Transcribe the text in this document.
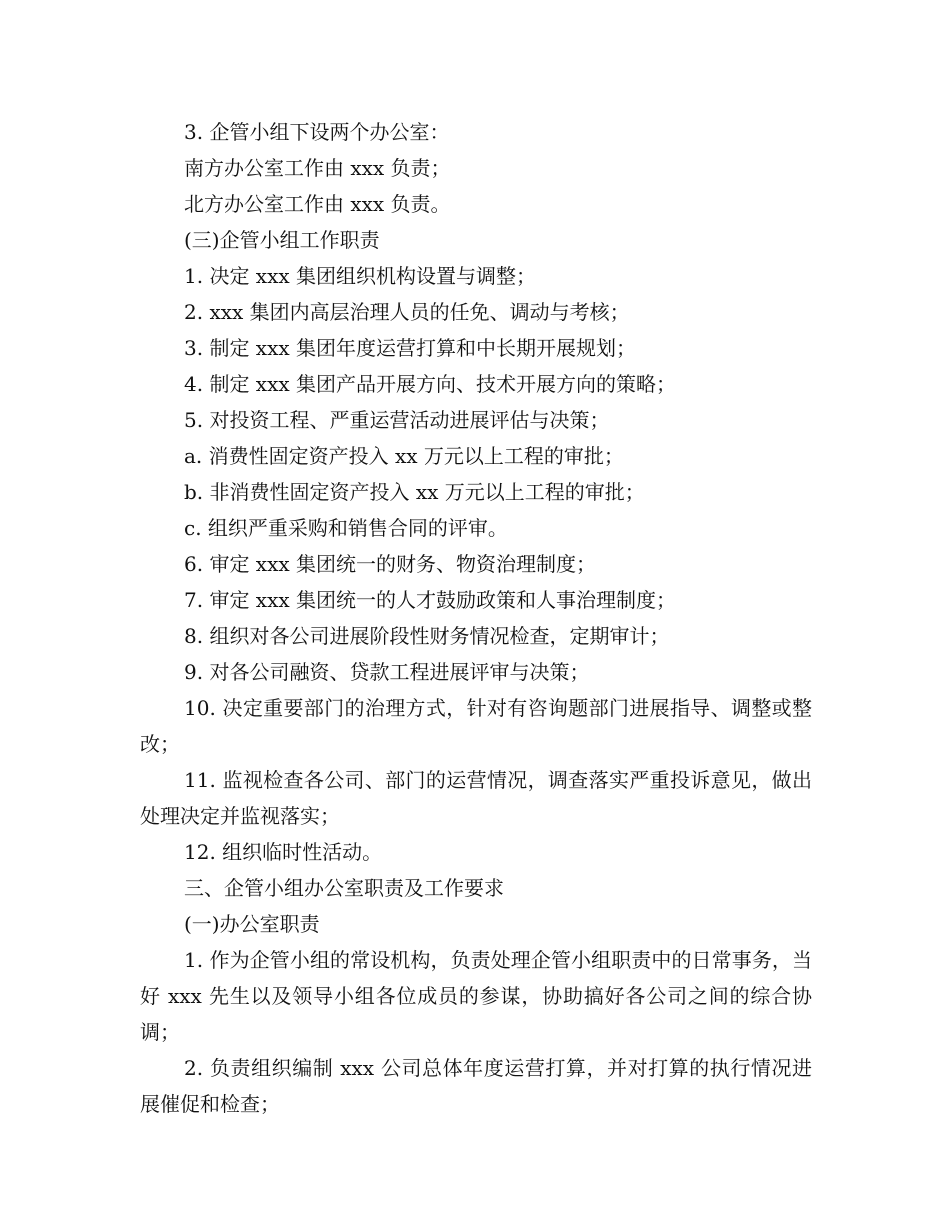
3. 企管小组下设两个办公室：

南方办公室工作由 xxx 负责；

北方办公室工作由 xxx 负责。

(三)企管小组工作职责

1. 决定 xxx 集团组织机构设置与调整；

2. xxx 集团内高层治理人员的任免、调动与考核；

3. 制定 xxx 集团年度运营打算和中长期开展规划；

4. 制定 xxx 集团产品开展方向、技术开展方向的策略；

5. 对投资工程、严重运营活动进展评估与决策；

a. 消费性固定资产投入 xx 万元以上工程的审批；

b. 非消费性固定资产投入 xx 万元以上工程的审批；

c. 组织严重采购和销售合同的评审。

6. 审定 xxx 集团统一的财务、物资治理制度；

7. 审定 xxx 集团统一的人才鼓励政策和人事治理制度；

8. 组织对各公司进展阶段性财务情况检查，定期审计；

9. 对各公司融资、贷款工程进展评审与决策；

10. 决定重要部门的治理方式，针对有咨询题部门进展指导、调整或整改；

11. 监视检查各公司、部门的运营情况，调查落实严重投诉意见，做出处理决定并监视落实；

12. 组织临时性活动。

三、企管小组办公室职责及工作要求

(一)办公室职责

1. 作为企管小组的常设机构，负责处理企管小组职责中的日常事务，当好 xxx 先生以及领导小组各位成员的参谋，协助搞好各公司之间的综合协调；

2. 负责组织编制 xxx 公司总体年度运营打算，并对打算的执行情况进展催促和检查；
